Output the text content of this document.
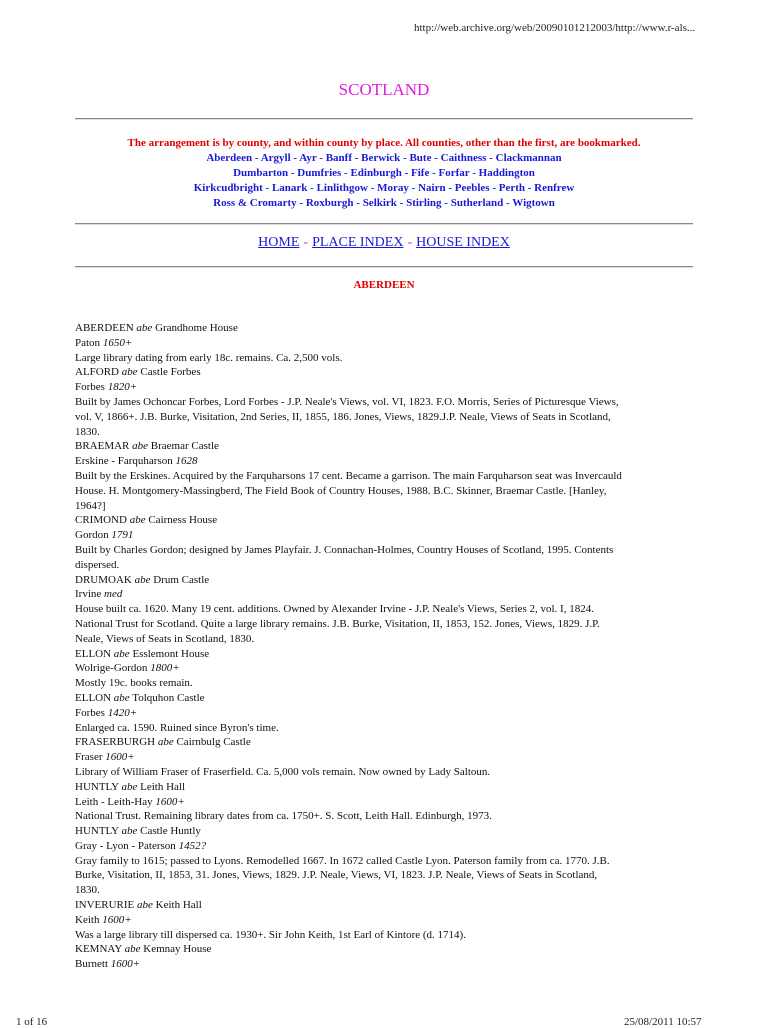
http://web.archive.org/web/20090101212003/http://www.r-als...
SCOTLAND
The arrangement is by county, and within county by place. All counties, other than the first, are bookmarked.
Aberdeen - Argyll - Ayr - Banff - Berwick - Bute - Caithness - Clackmannan
Dumbarton - Dumfries - Edinburgh - Fife - Forfar - Haddington
Kirkcudbright - Lanark - Linlithgow - Moray - Nairn - Peebles - Perth - Renfrew
Ross & Cromarty - Roxburgh - Selkirk - Stirling - Sutherland - Wigtown
HOME - PLACE INDEX - HOUSE INDEX
ABERDEEN
ABERDEEN abe Grandhome House
Paton 1650+
Large library dating from early 18c. remains. Ca. 2,500 vols.
ALFORD abe Castle Forbes
Forbes 1820+
Built by James Ochoncar Forbes, Lord Forbes - J.P. Neale's Views, vol. VI, 1823. F.O. Morris, Series of Picturesque Views,
vol. V, 1866+. J.B. Burke, Visitation, 2nd Series, II, 1855, 186. Jones, Views, 1829.J.P. Neale, Views of Seats in Scotland,
1830.
BRAEMAR abe Braemar Castle
Erskine - Farquharson 1628
Built by the Erskines. Acquired by the Farquharsons 17 cent. Became a garrison. The main Farquharson seat was Invercauld
House. H. Montgomery-Massingberd, The Field Book of Country Houses, 1988. B.C. Skinner, Braemar Castle. [Hanley,
1964?]
CRIMOND abe Cairness House
Gordon 1791
Built by Charles Gordon; designed by James Playfair. J. Connachan-Holmes, Country Houses of Scotland, 1995. Contents
dispersed.
DRUMOAK abe Drum Castle
Irvine med
House built ca. 1620. Many 19 cent. additions. Owned by Alexander Irvine - J.P. Neale's Views, Series 2, vol. I, 1824.
National Trust for Scotland. Quite a large library remains. J.B. Burke, Visitation, II, 1853, 152. Jones, Views, 1829. J.P.
Neale, Views of Seats in Scotland, 1830.
ELLON abe Esslemont House
Wolrige-Gordon 1800+
Mostly 19c. books remain.
ELLON abe Tolquhon Castle
Forbes 1420+
Enlarged ca. 1590. Ruined since Byron's time.
FRASERBURGH abe Cairnbulg Castle
Fraser 1600+
Library of William Fraser of Fraserfield. Ca. 5,000 vols remain. Now owned by Lady Saltoun.
HUNTLY abe Leith Hall
Leith - Leith-Hay 1600+
National Trust. Remaining library dates from ca. 1750+. S. Scott, Leith Hall. Edinburgh, 1973.
HUNTLY abe Castle Huntly
Gray - Lyon - Paterson 1452?
Gray family to 1615; passed to Lyons. Remodelled 1667. In 1672 called Castle Lyon. Paterson family from ca. 1770. J.B.
Burke, Visitation, II, 1853, 31. Jones, Views, 1829. J.P. Neale, Views, VI, 1823. J.P. Neale, Views of Seats in Scotland,
1830.
INVERURIE abe Keith Hall
Keith 1600+
Was a large library till dispersed ca. 1930+. Sir John Keith, 1st Earl of Kintore (d. 1714).
KEMNAY abe Kemnay House
Burnett 1600+
1 of 16	25/08/2011 10:57
